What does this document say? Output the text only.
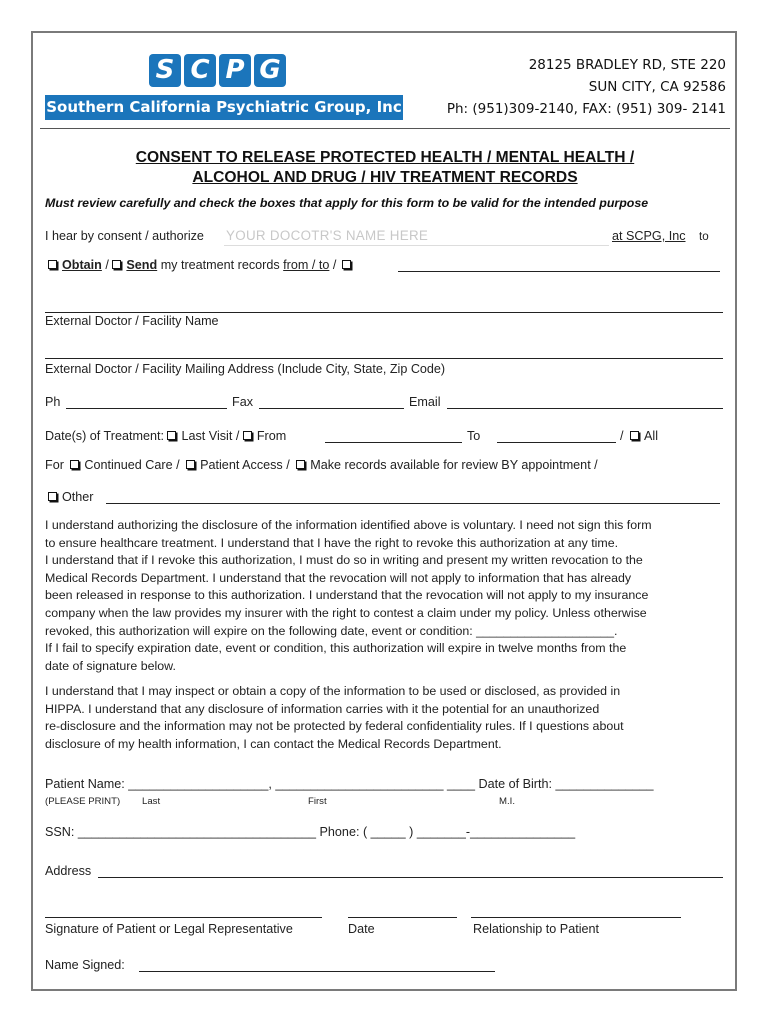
S C P G
Southern California Psychiatric Group, Inc
28125 BRADLEY RD, STE 220
SUN CITY, CA 92586
Ph: (951)309-2140, FAX: (951) 309- 2141
CONSENT TO RELEASE PROTECTED HEALTH / MENTAL HEALTH /
ALCOHOL AND DRUG / HIV TREATMENT RECORDS
Must review carefully and check the boxes that apply for this form to be valid for the intended purpose
I hear by consent / authorize YOUR DOCOTR'S NAME HERE	at SCPG, Inc to
Obtain / Send my treatment records from / to /
External Doctor / Facility Name
External Doctor / Facility Mailing Address (Include City, State, Zip Code)
Ph	Fax	Email
Date(s) of Treatment: Last Visit / From	To	/ All
For Continued Care / Patient Access / Make records available for review BY appointment /
Other
I understand authorizing the disclosure of the information identified above is voluntary. I need not sign this form
to ensure healthcare treatment. I understand that I have the right to revoke this authorization at any time.
I understand that if I revoke this authorization, I must do so in writing and present my written revocation to the
Medical Records Department. I understand that the revocation will not apply to information that has already
been released in response to this authorization. I understand that the revocation will not apply to my insurance
company when the law provides my insurer with the right to contest a claim under my policy. Unless otherwise
revoked, this authorization will expire on the following date, event or condition: ____________________.
If I fail to specify expiration date, event or condition, this authorization will expire in twelve months from the
date of signature below.
I understand that I may inspect or obtain a copy of the information to be used or disclosed, as provided in
HIPPA. I understand that any disclosure of information carries with it the potential for an unauthorized
re-disclosure and the information may not be protected by federal confidentiality rules. If I questions about
disclosure of my health information, I can contact the Medical Records Department.
Patient Name: ____________________, ________________________ ____ Date of Birth: ______________
(PLEASE PRINT) Last	First	M.I.
SSN: __________________________________ Phone: ( _____ ) _______-_______________
Address
Signature of Patient or Legal Representative	Date	Relationship to Patient
Name Signed:
